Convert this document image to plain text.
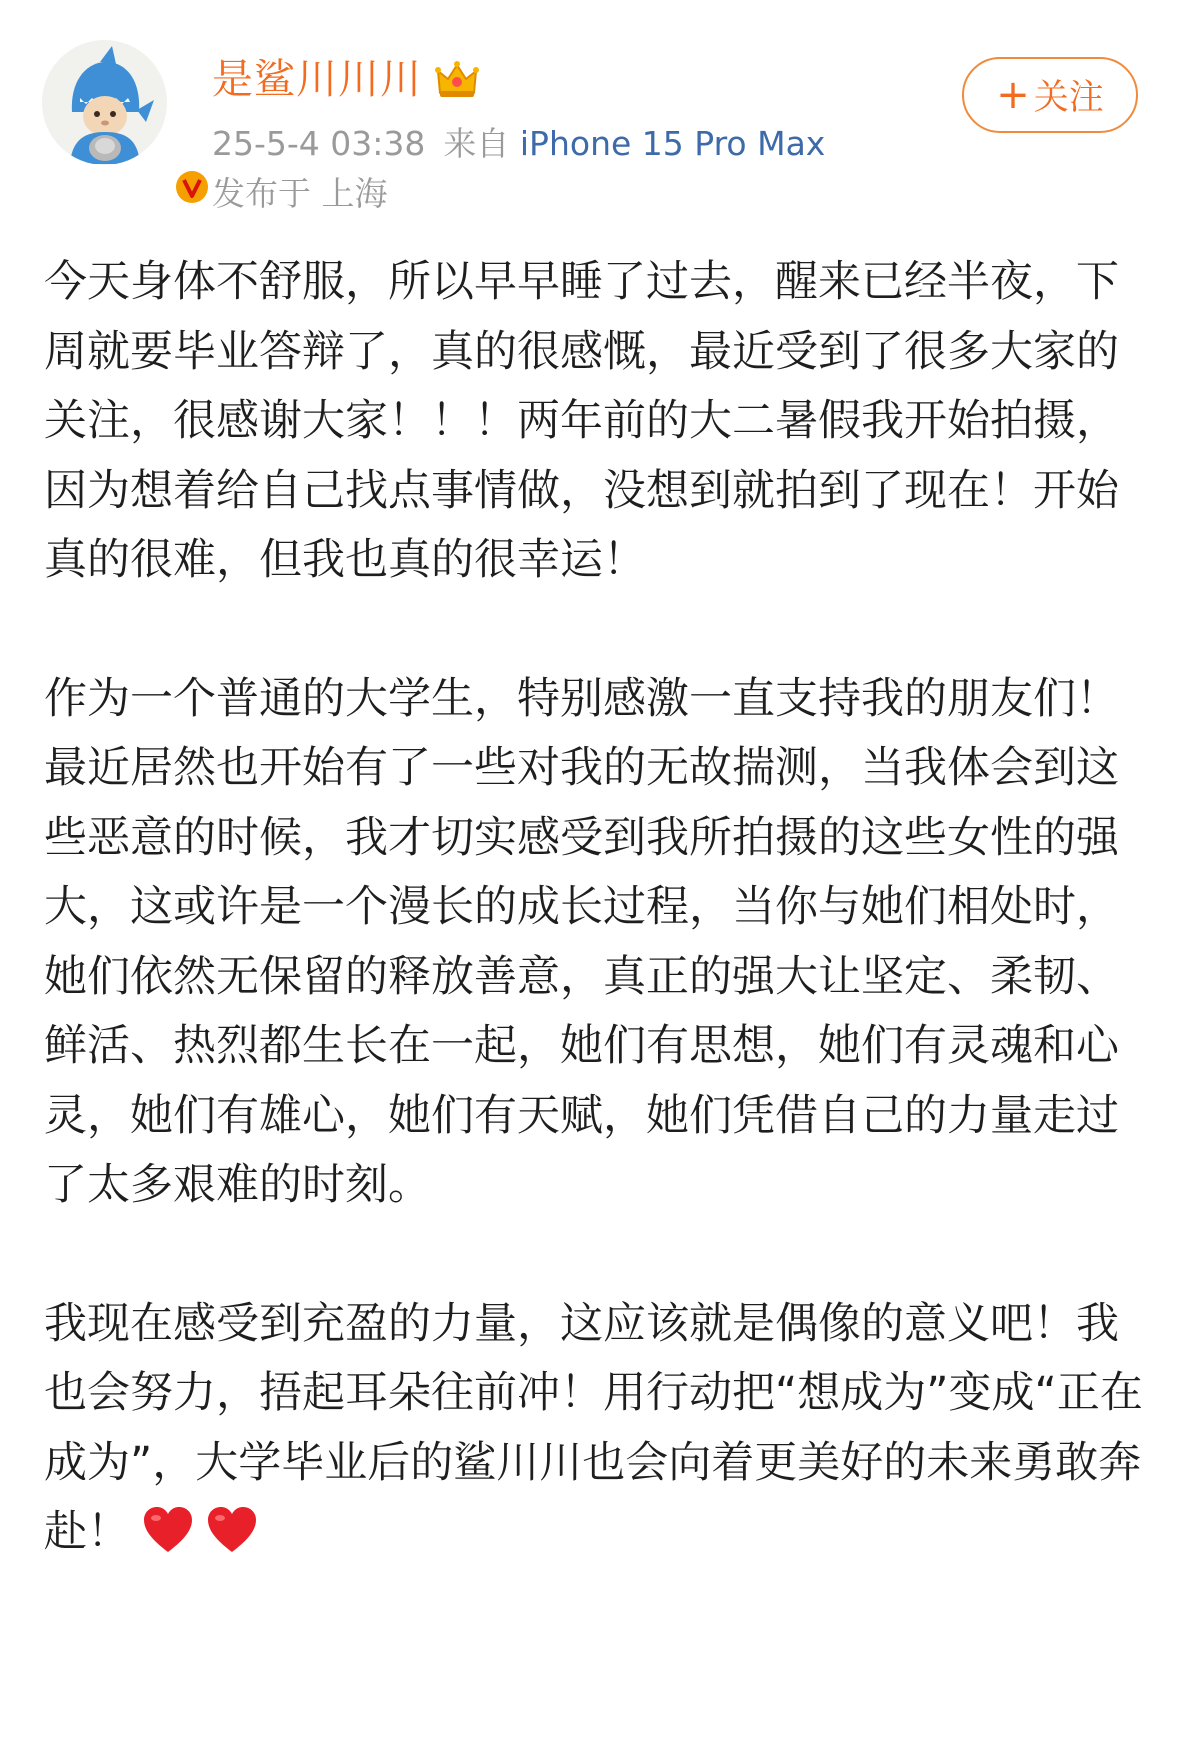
是鲨川川川
25-5-4 03:38 来自 iPhone 15 Pro Max
发布于 上海
+ 关注

今天身体不舒服，所以早早睡了过去，醒来已经半夜，下周就要毕业答辩了，真的很感慨，最近受到了很多大家的关注，很感谢大家！！！两年前的大二暑假我开始拍摄，因为想着给自己找点事情做，没想到就拍到了现在！开始真的很难，但我也真的很幸运！

作为一个普通的大学生，特别感激一直支持我的朋友们！最近居然也开始有了一些对我的无故揣测，当我体会到这些恶意的时候，我才切实感受到我所拍摄的这些女性的强大，这或许是一个漫长的成长过程，当你与她们相处时，她们依然无保留的释放善意，真正的强大让坚定、柔韧、鲜活、热烈都生长在一起，她们有思想，她们有灵魂和心灵，她们有雄心，她们有天赋，她们凭借自己的力量走过了太多艰难的时刻。

我现在感受到充盈的力量，这应该就是偶像的意义吧！我也会努力，捂起耳朵往前冲！用行动把“想成为”变成“正在成为”，大学毕业后的鲨川川也会向着更美好的未来勇敢奔赴！
